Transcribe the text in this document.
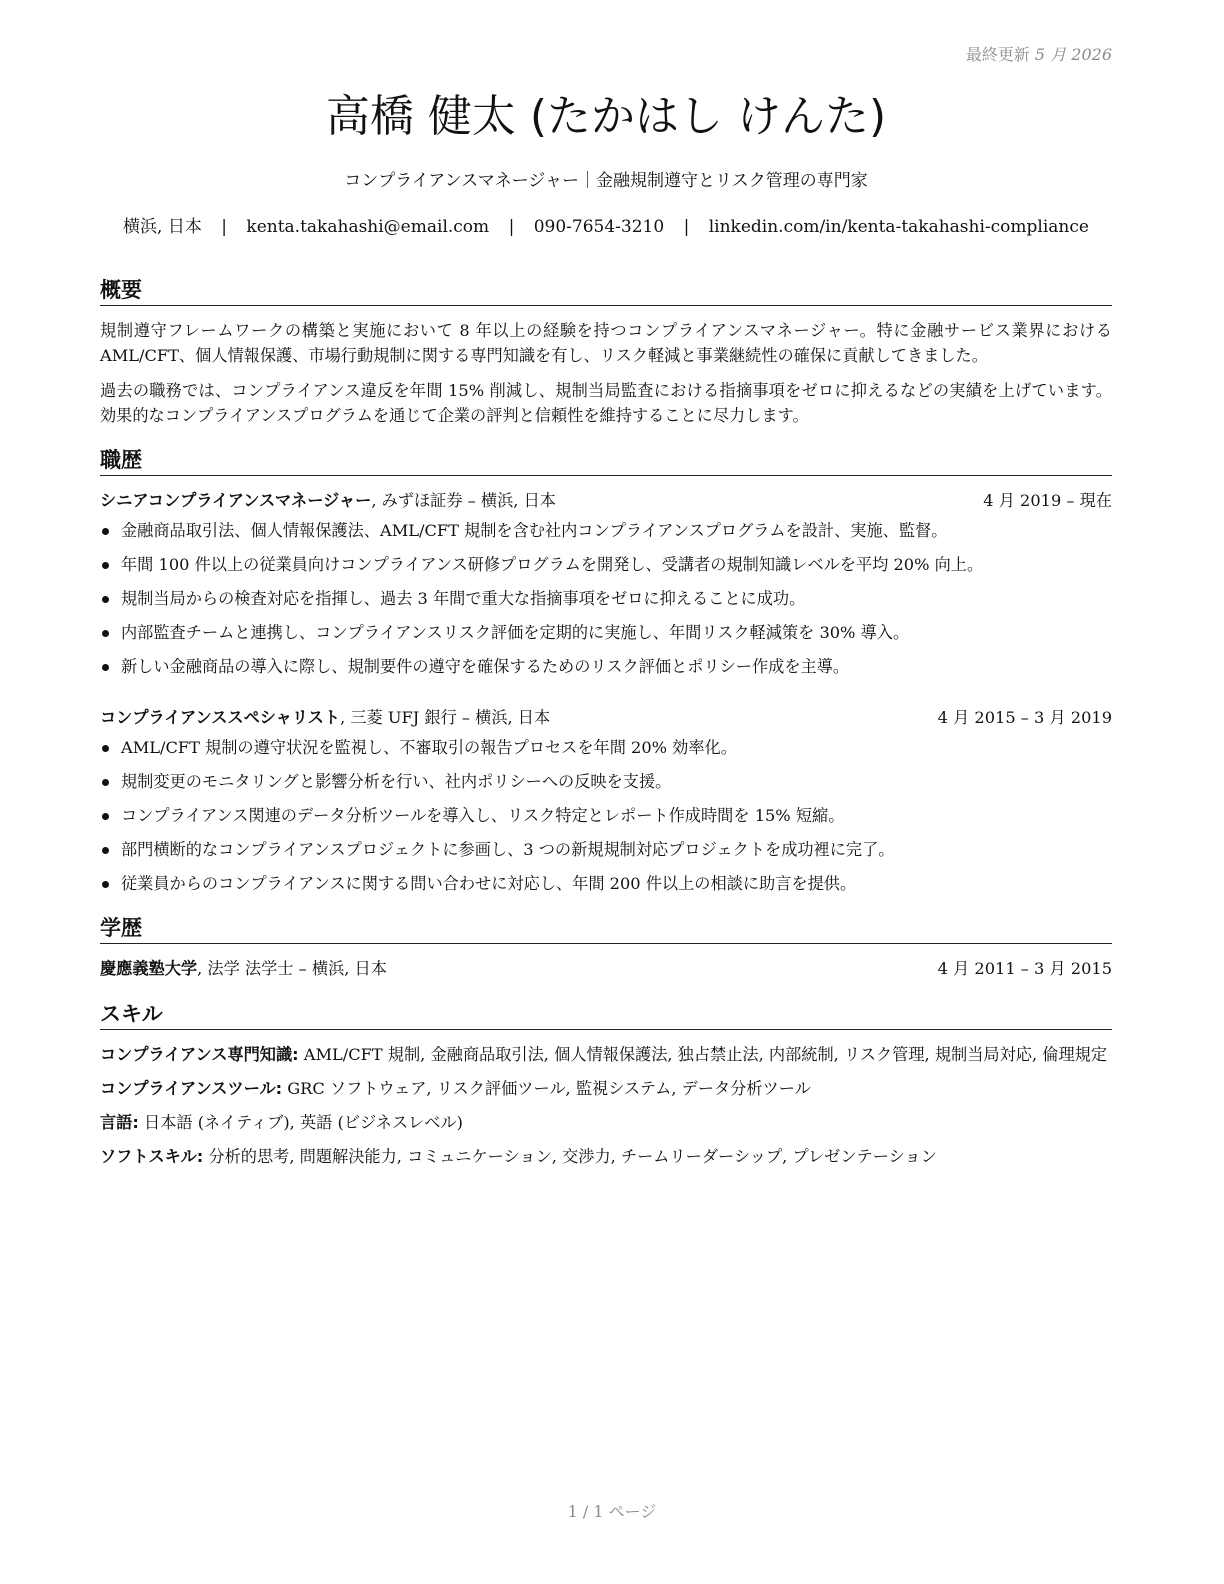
最終更新 5 月 2026
高橋 健太 (たかはし けんた)
コンプライアンスマネージャー｜金融規制遵守とリスク管理の専門家
横浜, 日本 | kenta.takahashi@email.com | 090-7654-3210 | linkedin.com/in/kenta-takahashi-compliance
概要

規制遵守フレームワークの構築と実施において 8 年以上の経験を持つコンプライアンスマネージャー。特に金融サービス業界における AML/CFT、個人情報保護、市場行動規制に関する専門知識を有し、リスク軽減と事業継続性の確保に貢献してきました。

過去の職務では、コンプライアンス違反を年間 15% 削減し、規制当局監査における指摘事項をゼロに抑えるなどの実績を上げています。効果的なコンプライアンスプログラムを通じて企業の評判と信頼性を維持することに尽力します。

職歴
シニアコンプライアンスマネージャー, みずほ証券 – 横浜, 日本	4 月 2019 – 現在
金融商品取引法、個人情報保護法、AML/CFT 規制を含む社内コンプライアンスプログラムを設計、実施、監督。
年間 100 件以上の従業員向けコンプライアンス研修プログラムを開発し、受講者の規制知識レベルを平均 20% 向上。
規制当局からの検査対応を指揮し、過去 3 年間で重大な指摘事項をゼロに抑えることに成功。
内部監査チームと連携し、コンプライアンスリスク評価を定期的に実施し、年間リスク軽減策を 30% 導入。
新しい金融商品の導入に際し、規制要件の遵守を確保するためのリスク評価とポリシー作成を主導。
コンプライアンススペシャリスト, 三菱 UFJ 銀行 – 横浜, 日本	4 月 2015 – 3 月 2019
AML/CFT 規制の遵守状況を監視し、不審取引の報告プロセスを年間 20% 効率化。
規制変更のモニタリングと影響分析を行い、社内ポリシーへの反映を支援。
コンプライアンス関連のデータ分析ツールを導入し、リスク特定とレポート作成時間を 15% 短縮。
部門横断的なコンプライアンスプロジェクトに参画し、3 つの新規規制対応プロジェクトを成功裡に完了。
従業員からのコンプライアンスに関する問い合わせに対応し、年間 200 件以上の相談に助言を提供。
学歴
慶應義塾大学, 法学 法学士 – 横浜, 日本	4 月 2011 – 3 月 2015
スキル
コンプライアンス専門知識: AML/CFT 規制, 金融商品取引法, 個人情報保護法, 独占禁止法, 内部統制, リスク管理, 規制当局対応, 倫理規定
コンプライアンスツール: GRC ソフトウェア, リスク評価ツール, 監視システム, データ分析ツール
言語: 日本語 (ネイティブ), 英語 (ビジネスレベル)
ソフトスキル: 分析的思考, 問題解決能力, コミュニケーション, 交渉力, チームリーダーシップ, プレゼンテーション
1 / 1 ページ
